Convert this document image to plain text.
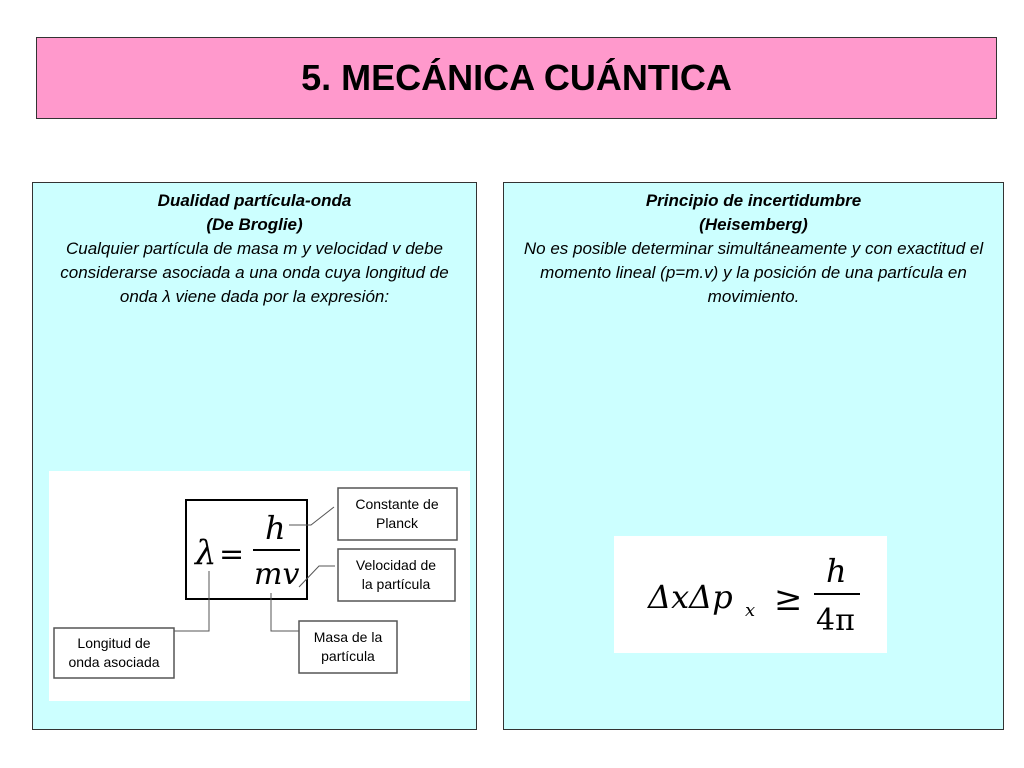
5. MECÁNICA CUÁNTICA
Dualidad partícula-onda
(De Broglie)
Cualquier partícula de masa m y velocidad v debe considerarse asociada a una onda cuya longitud de onda λ viene dada por la expresión:
λ =
h
mv
Constante de
Planck
Velocidad de
la partícula
Masa de la
partícula
Longitud de
onda asociada
Principio de incertidumbre
(Heisemberg)
No es posible determinar simultáneamente y con exactitud el momento lineal (p=m.v) y la posición de una partícula en movimiento.
ΔxΔp x ≥
h
4π
